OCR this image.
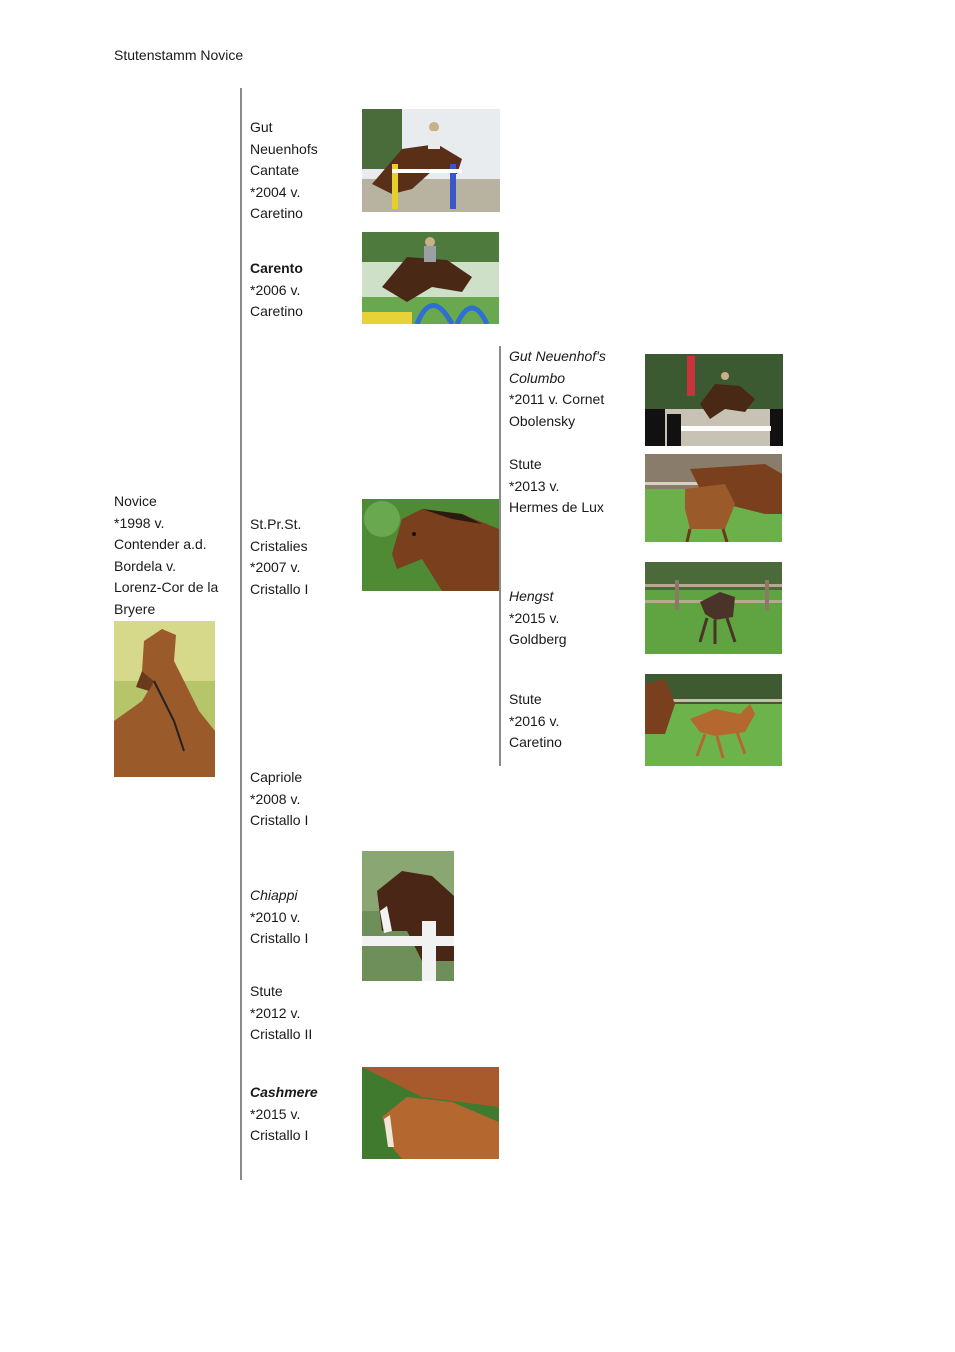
Stutenstamm Novice
Novice
*1998 v.
Contender a.d.
Bordela v.
Lorenz-Cor de la
Bryere
Gut
Neuenhofs
Cantate
*2004 v.
Caretino
Carento
*2006 v.
Caretino
St.Pr.St.
Cristalies
*2007 v.
Cristallo I
Capriole
*2008 v.
Cristallo I
Chiappi
*2010 v.
Cristallo I
Stute
*2012 v.
Cristallo II
Cashmere
*2015 v.
Cristallo I
Gut Neuenhof's
Columbo
*2011 v. Cornet
Obolensky
Stute
*2013 v.
Hermes de Lux
Hengst
*2015 v.
Goldberg
Stute
*2016 v.
Caretino
